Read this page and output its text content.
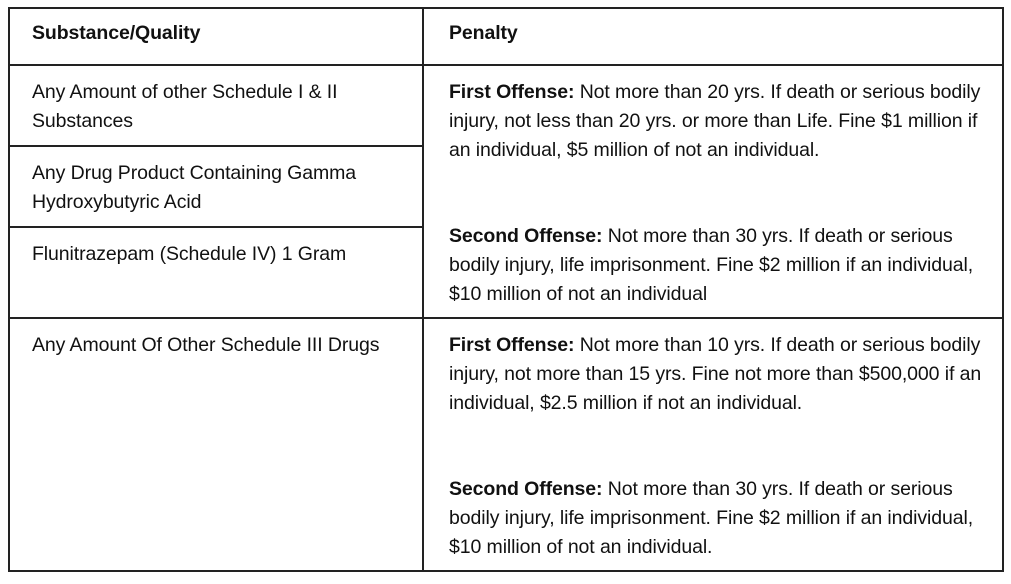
Substance/Quality	Penalty
Any Amount of other Schedule I & II Substances
Any Drug Product Containing Gamma Hydroxybutyric Acid
Flunitrazepam (Schedule IV) 1 Gram
First Offense: Not more than 20 yrs. If death or serious bodily injury, not less than 20 yrs. or more than Life. Fine $1 million if an individual, $5 million of not an individual.
Second Offense: Not more than 30 yrs. If death or serious bodily injury, life imprisonment. Fine $2 million if an individual, $10 million of not an individual
Any Amount Of Other Schedule III Drugs	First Offense: Not more than 10 yrs. If death or serious bodily injury, not more than 15 yrs. Fine not more than $500,000 if an individual, $2.5 million if not an individual.
Second Offense: Not more than 30 yrs. If death or serious bodily injury, life imprisonment. Fine $2 million if an individual, $10 million of not an individual.
